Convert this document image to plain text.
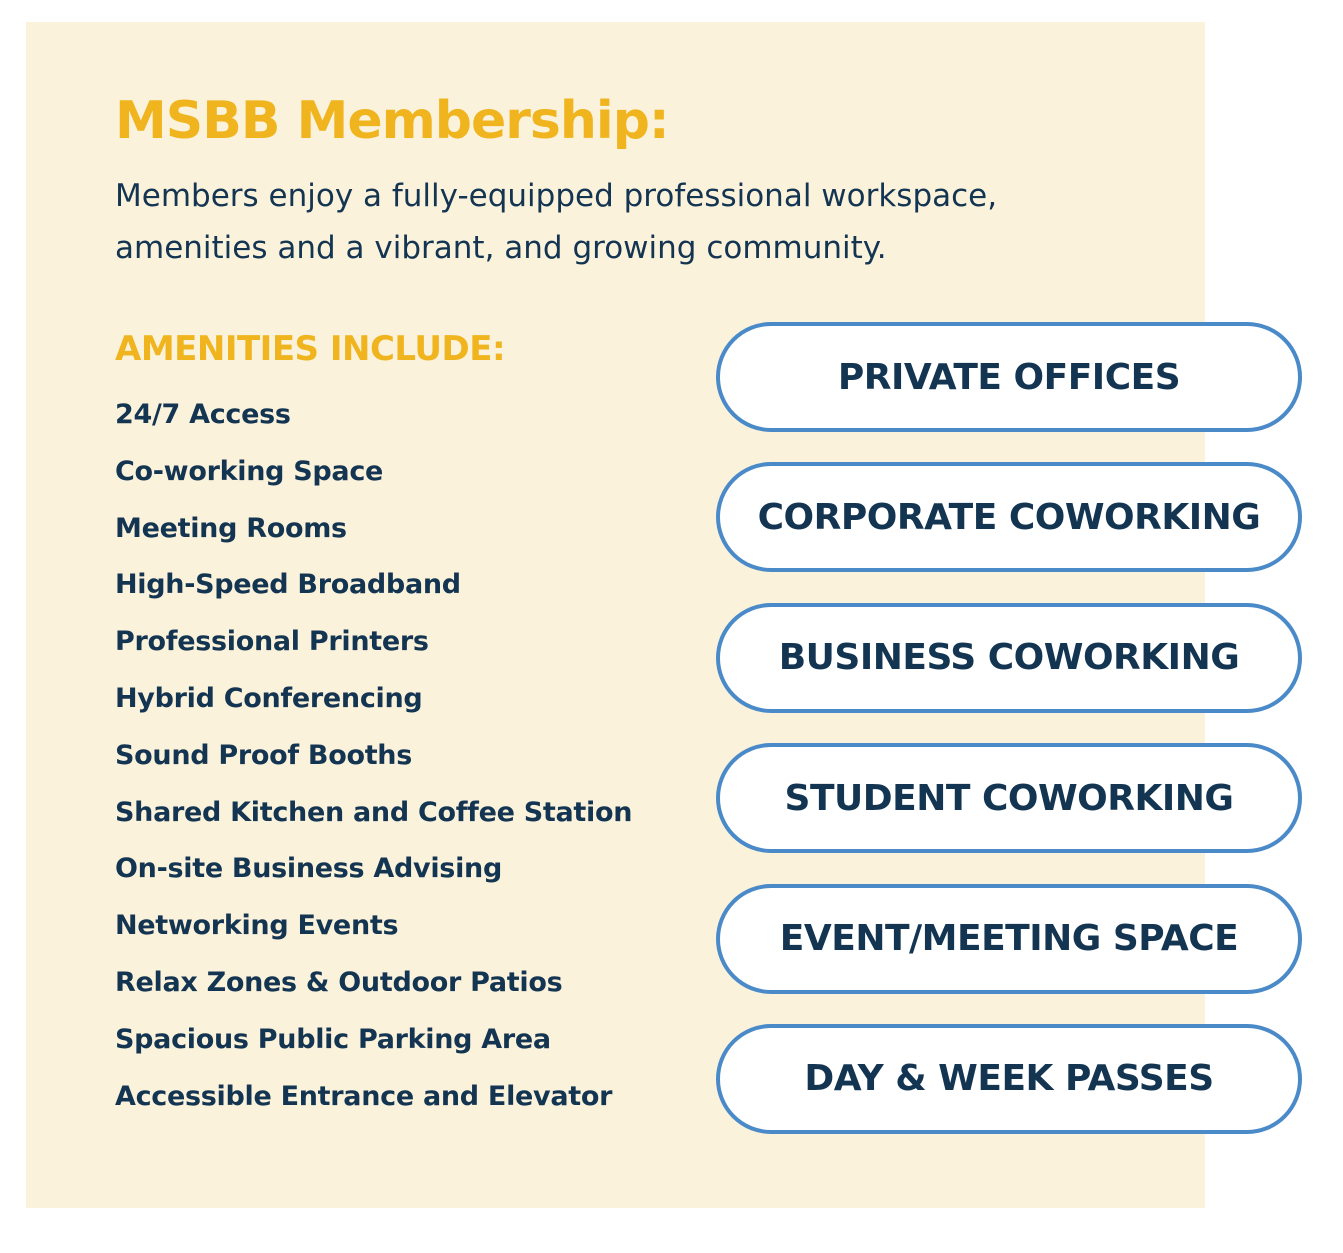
MSBB Membership:

Members enjoy a fully-equipped professional workspace,
amenities and a vibrant, and growing community.

AMENITIES INCLUDE:
24/7 Access
Co-working Space
Meeting Rooms
High-Speed Broadband
Professional Printers
Hybrid Conferencing
Sound Proof Booths
Shared Kitchen and Coffee Station
On-site Business Advising
Networking Events
Relax Zones & Outdoor Patios
Spacious Public Parking Area
Accessible Entrance and Elevator
PRIVATE OFFICES
CORPORATE COWORKING
BUSINESS COWORKING
STUDENT COWORKING
EVENT/MEETING SPACE
DAY & WEEK PASSES
